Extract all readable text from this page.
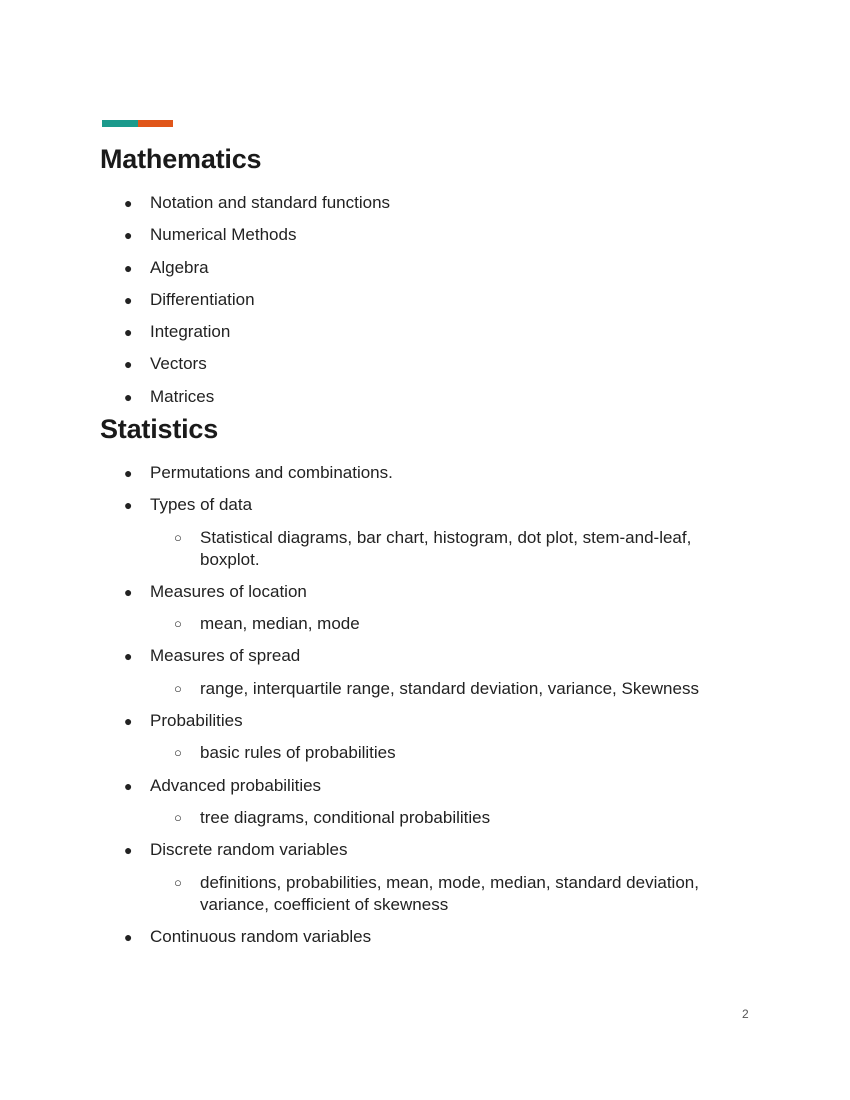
Mathematics
●	Notation and standard functions
●	Numerical Methods
●	Algebra
●	Differentiation
●	Integration
●	Vectors
●	Matrices
Statistics
●	Permutations and combinations.
●	Types of data
○	Statistical diagrams, bar chart, histogram, dot plot, stem-and-leaf, boxplot.
●	Measures of location
○	mean, median, mode
●	Measures of spread
○	range, interquartile range, standard deviation, variance, Skewness
●	Probabilities
○	basic rules of probabilities
●	Advanced probabilities
○	tree diagrams, conditional probabilities
●	Discrete random variables
○	definitions, probabilities, mean, mode, median, standard deviation, variance, coefficient of skewness
●	Continuous random variables
2
